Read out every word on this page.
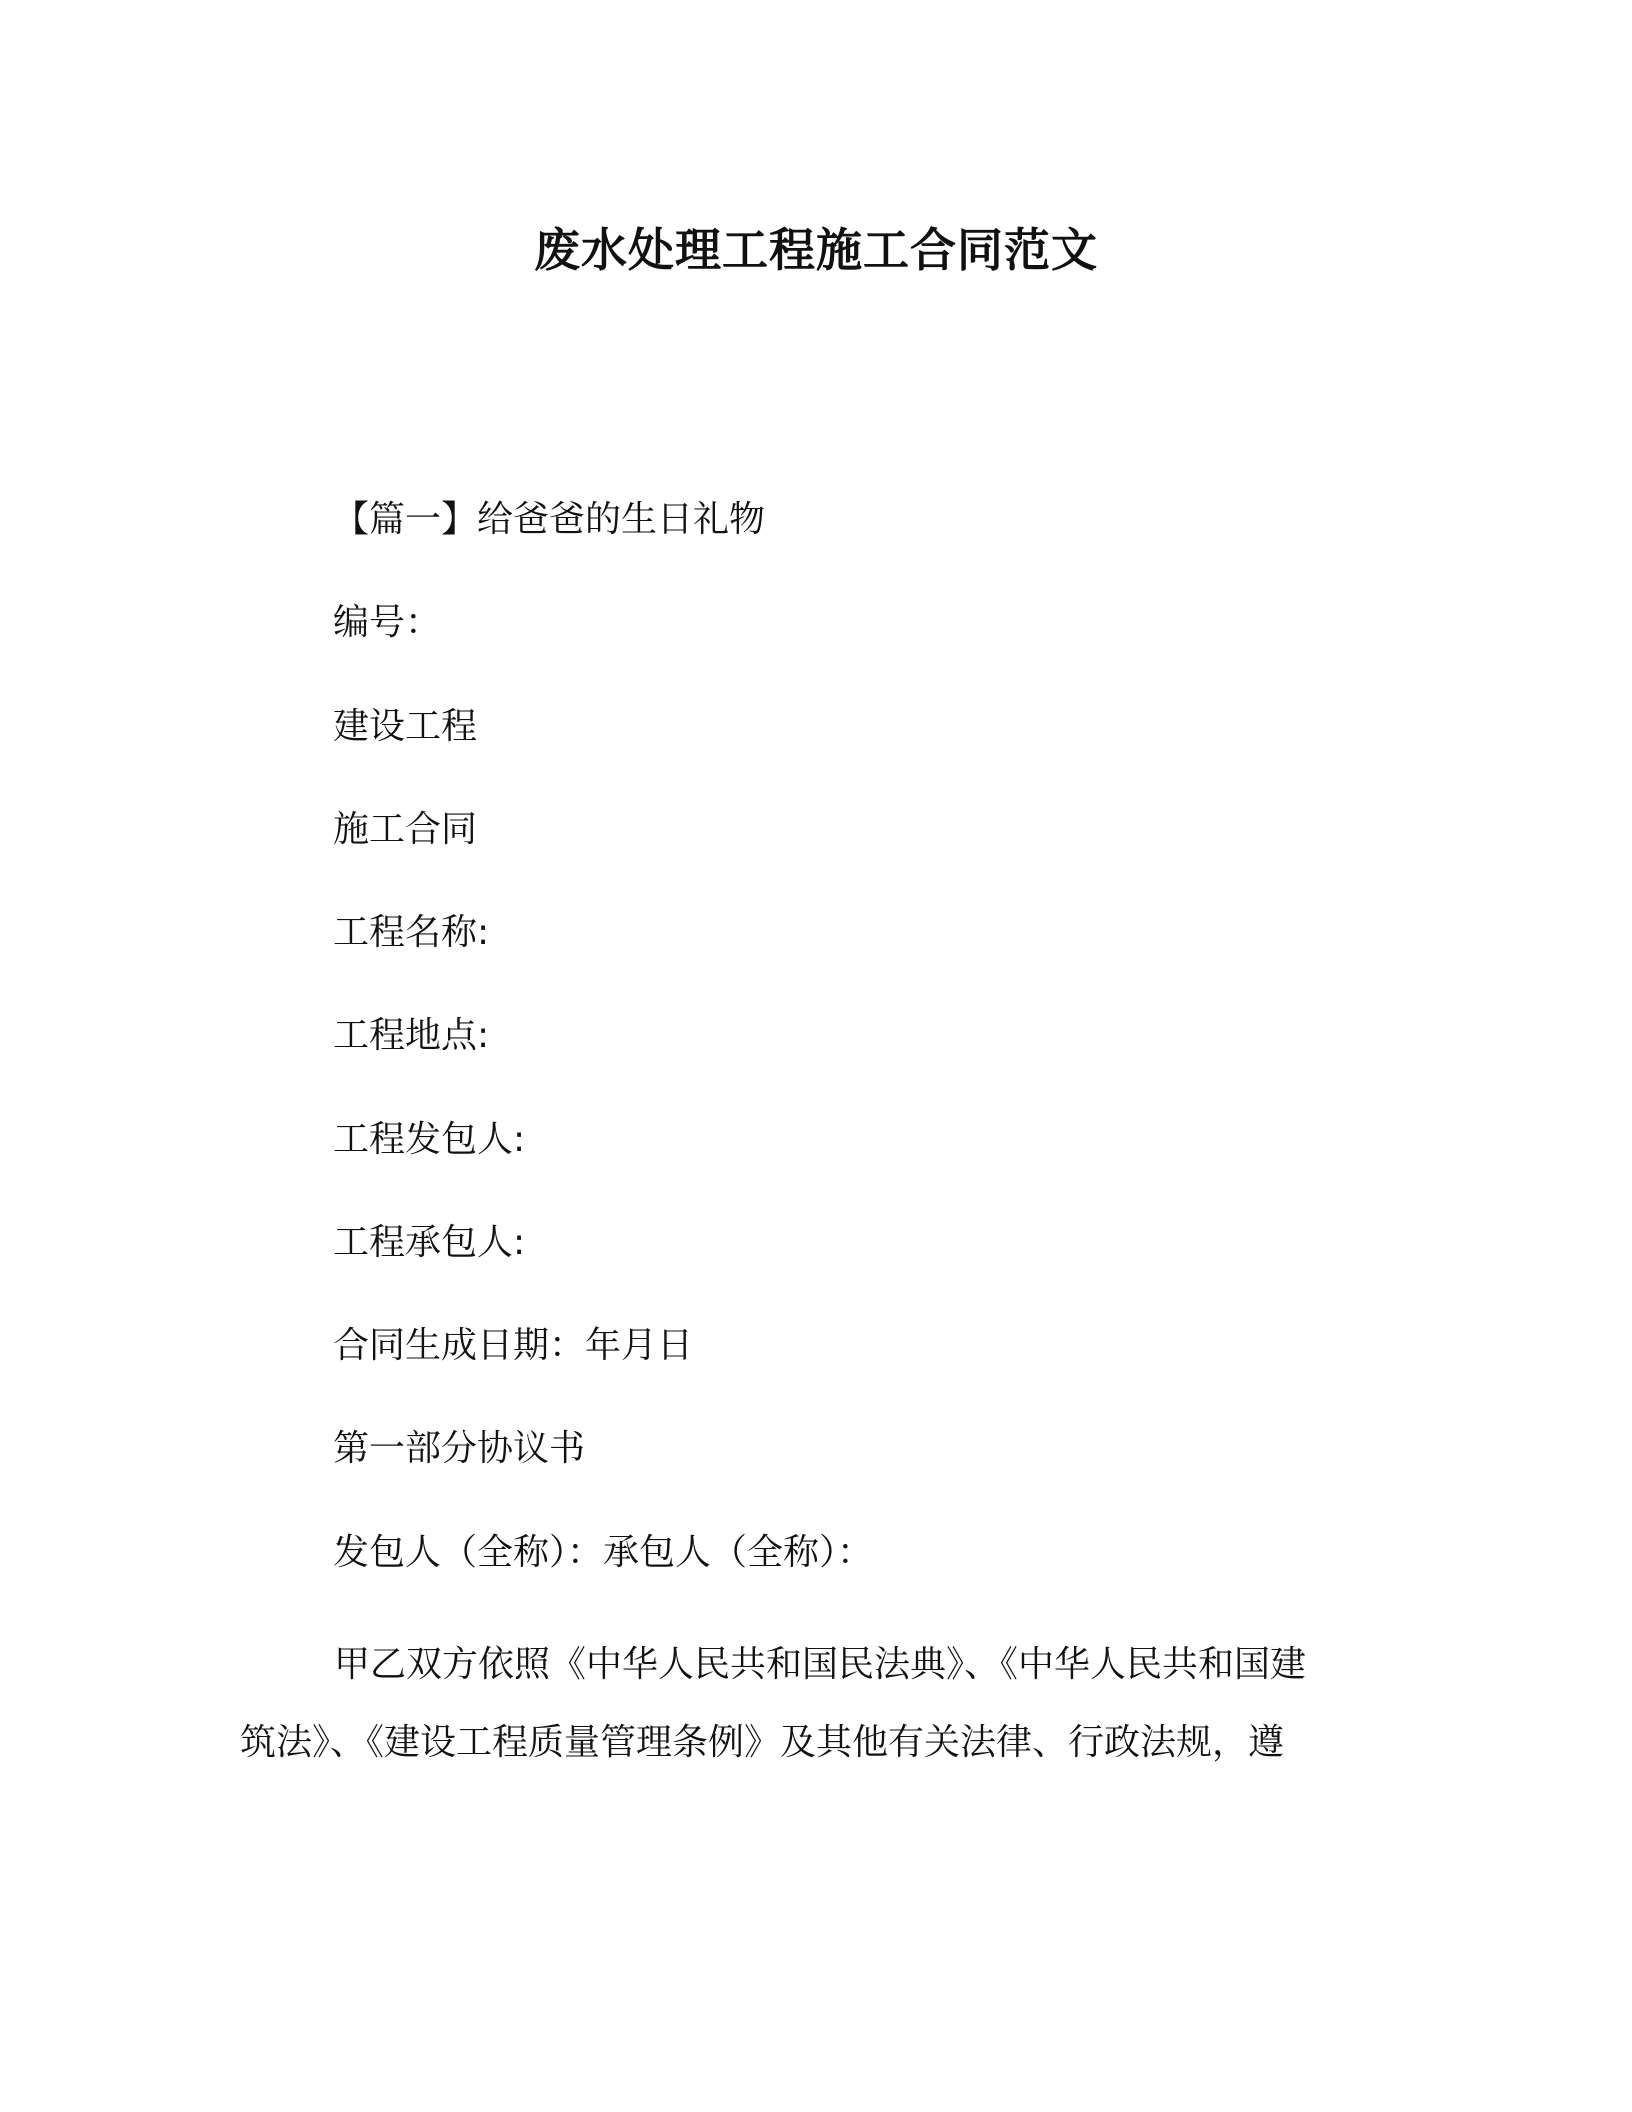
废水处理工程施工合同范文
【篇一】给爸爸的生日礼物
编号：
建设工程
施工合同
工程名称:
工程地点:
工程发包人:
工程承包人:
合同生成日期：年月日
第一部分协议书
发包人（全称）：承包人（全称）：
甲乙双方依照《中华人民共和国民法典》、《中华人民共和国建
筑法》、《建设工程质量管理条例》及其他有关法律、行政法规，遵
